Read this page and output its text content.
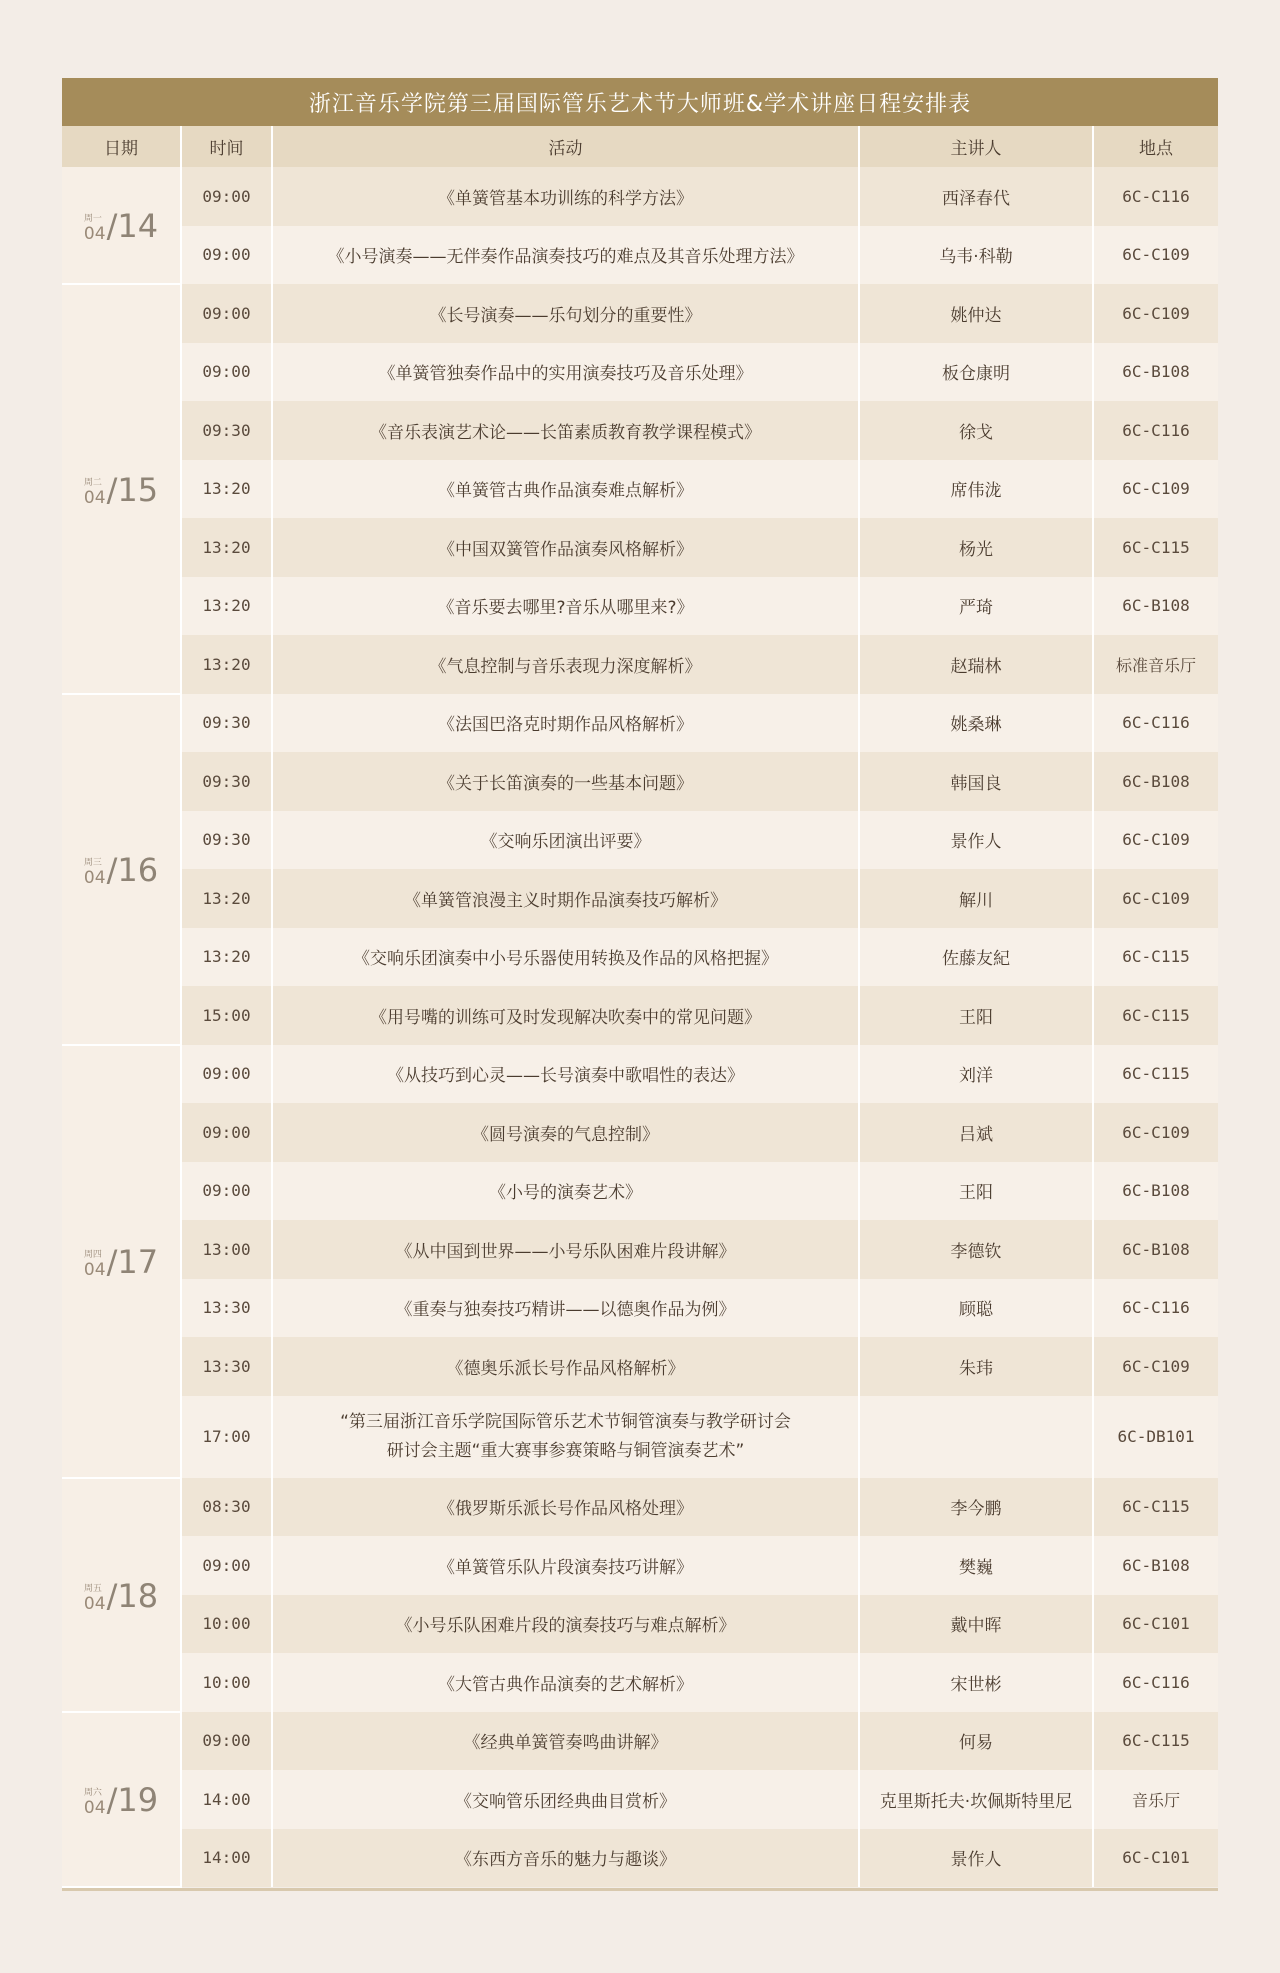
浙江音乐学院第三届国际管乐艺术节大师班&学术讲座日程安排表
日期	时间	活动	主讲人	地点

周一
04 /14	09:00	《单簧管基本功训练的科学方法》	西泽春代	6C-C116
	09:00	《小号演奏——无伴奏作品演奏技巧的难点及其音乐处理方法》	乌韦·科勒	6C-C109

周二
04 /15	09:00	《长号演奏——乐句划分的重要性》	姚仲达	6C-C109
	09:00	《单簧管独奏作品中的实用演奏技巧及音乐处理》	板仓康明	6C-B108
	09:30	《音乐表演艺术论——长笛素质教育教学课程模式》	徐戈	6C-C116
	13:20	《单簧管古典作品演奏难点解析》	席伟泷	6C-C109
	13:20	《中国双簧管作品演奏风格解析》	杨光	6C-C115
	13:20	《音乐要去哪里?音乐从哪里来?》	严琦	6C-B108
	13:20	《气息控制与音乐表现力深度解析》	赵瑞林	标准音乐厅

周三
04 /16	09:30	《法国巴洛克时期作品风格解析》	姚桑琳	6C-C116
	09:30	《关于长笛演奏的一些基本问题》	韩国良	6C-B108
	09:30	《交响乐团演出评要》	景作人	6C-C109
	13:20	《单簧管浪漫主义时期作品演奏技巧解析》	解川	6C-C109
	13:20	《交响乐团演奏中小号乐器使用转换及作品的风格把握》	佐藤友紀	6C-C115
	15:00	《用号嘴的训练可及时发现解决吹奏中的常见问题》	王阳	6C-C115

周四
04 /17	09:00	《从技巧到心灵——长号演奏中歌唱性的表达》	刘洋	6C-C115
	09:00	《圆号演奏的气息控制》	吕斌	6C-C109
	09:00	《小号的演奏艺术》	王阳	6C-B108
	13:00	《从中国到世界——小号乐队困难片段讲解》	李德钦	6C-B108
	13:30	《重奏与独奏技巧精讲——以德奥作品为例》	顾聪	6C-C116
	13:30	《德奥乐派长号作品风格解析》	朱玮	6C-C109
	17:00	“第三届浙江音乐学院国际管乐艺术节铜管演奏与教学研讨会
研讨会主题“重大赛事参赛策略与铜管演奏艺术”		6C-DB101

周五
04 /18	08:30	《俄罗斯乐派长号作品风格处理》	李今鹏	6C-C115
	09:00	《单簧管乐队片段演奏技巧讲解》	樊巍	6C-B108
	10:00	《小号乐队困难片段的演奏技巧与难点解析》	戴中晖	6C-C101
	10:00	《大管古典作品演奏的艺术解析》	宋世彬	6C-C116

周六
04 /19	09:00	《经典单簧管奏鸣曲讲解》	何易	6C-C115
	14:00	《交响管乐团经典曲目赏析》	克里斯托夫·坎佩斯特里尼	音乐厅
	14:00	《东西方音乐的魅力与趣谈》	景作人	6C-C101
